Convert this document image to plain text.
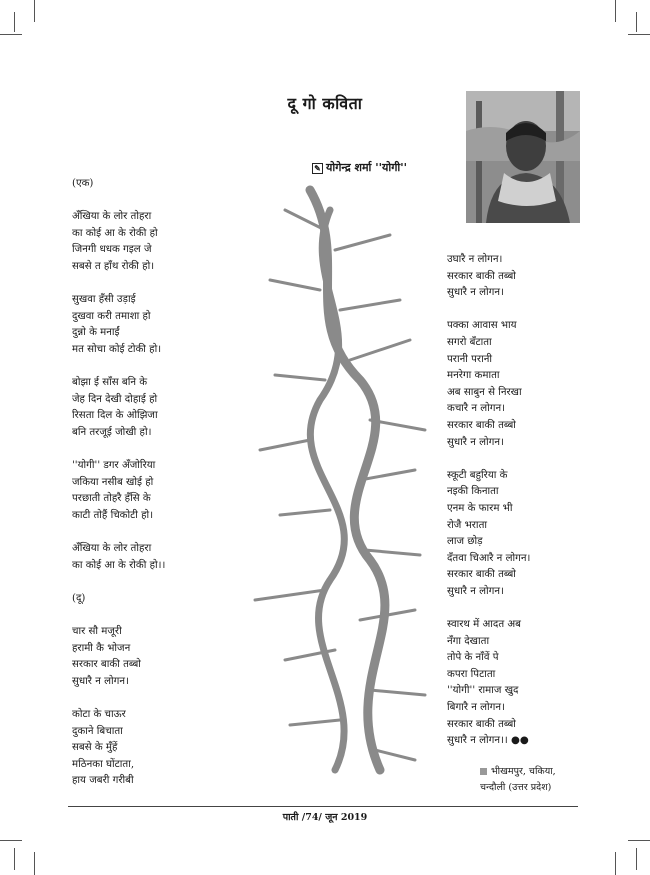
दू गो कविता
✎ योगेन्द्र शर्मा ''योगी''
(एक)
अँखिया के लोर तोहरा
का कोई आ के रोकी हो
जिनगी धधक गइल जे
सबसे त हाँथ रोकी हो।
सुखवा हँसी उड़ाई
दुखवा करी तमाशा हो
दुन्नो के मनाईं
मत सोचा कोई टोकी हो।
बोझा ई साँस बनि के
जेह दिन देखी दोहाई हो
रिसता दिल के ओझिजा
बनि तरजूई जोखी हो।
''योगी'' डगर अँजोरिया
जकिया नसीब खोई हो
परछाती तोहरै हँसि के
काटी तोहैं चिकोटी हो।
अँखिया के लोर तोहरा
का कोई आ के रोकी हो।।
(दू)
चार सौ मजूरी
हरामी कै भोजन
सरकार बाकी तब्बो
सुधारै न लोगन।
कोटा के चाऊर
दुकाने बिचाता
सबसे के मुँहें
मठिनका घोंटाता,
हाय जबरी गरीबी
उघारै न लोगन।
सरकार बाकी तब्बो
सुधारै न लोगन।
पक्का आवास भाय
सगरो बँटाता
परानी परानी
मनरेगा कमाता
अब साबुन से निरखा
कचारै न लोगन।
सरकार बाकी तब्बो
सुधारै न लोगन।
स्कूटी बहुरिया के
नइकी किनाता
एनम के फारम भी
रोजै भराता
लाज छोड़
दँतवा चिआरै न लोगन।
सरकार बाकी तब्बो
सुधारै न लोगन।
स्वारथ में आदत अब
नँगा देखाता
तोपे के नाँवें पे
कपरा पिटाता
''योगी'' रामाज खुद
बिगारै न लोगन।
सरकार बाकी तब्बो
सुधारै न लोगन।। ●●
भीखमपुर, चकिया,
चन्दौली (उत्तर प्रदेश)
पाती /74/ जून 2019
